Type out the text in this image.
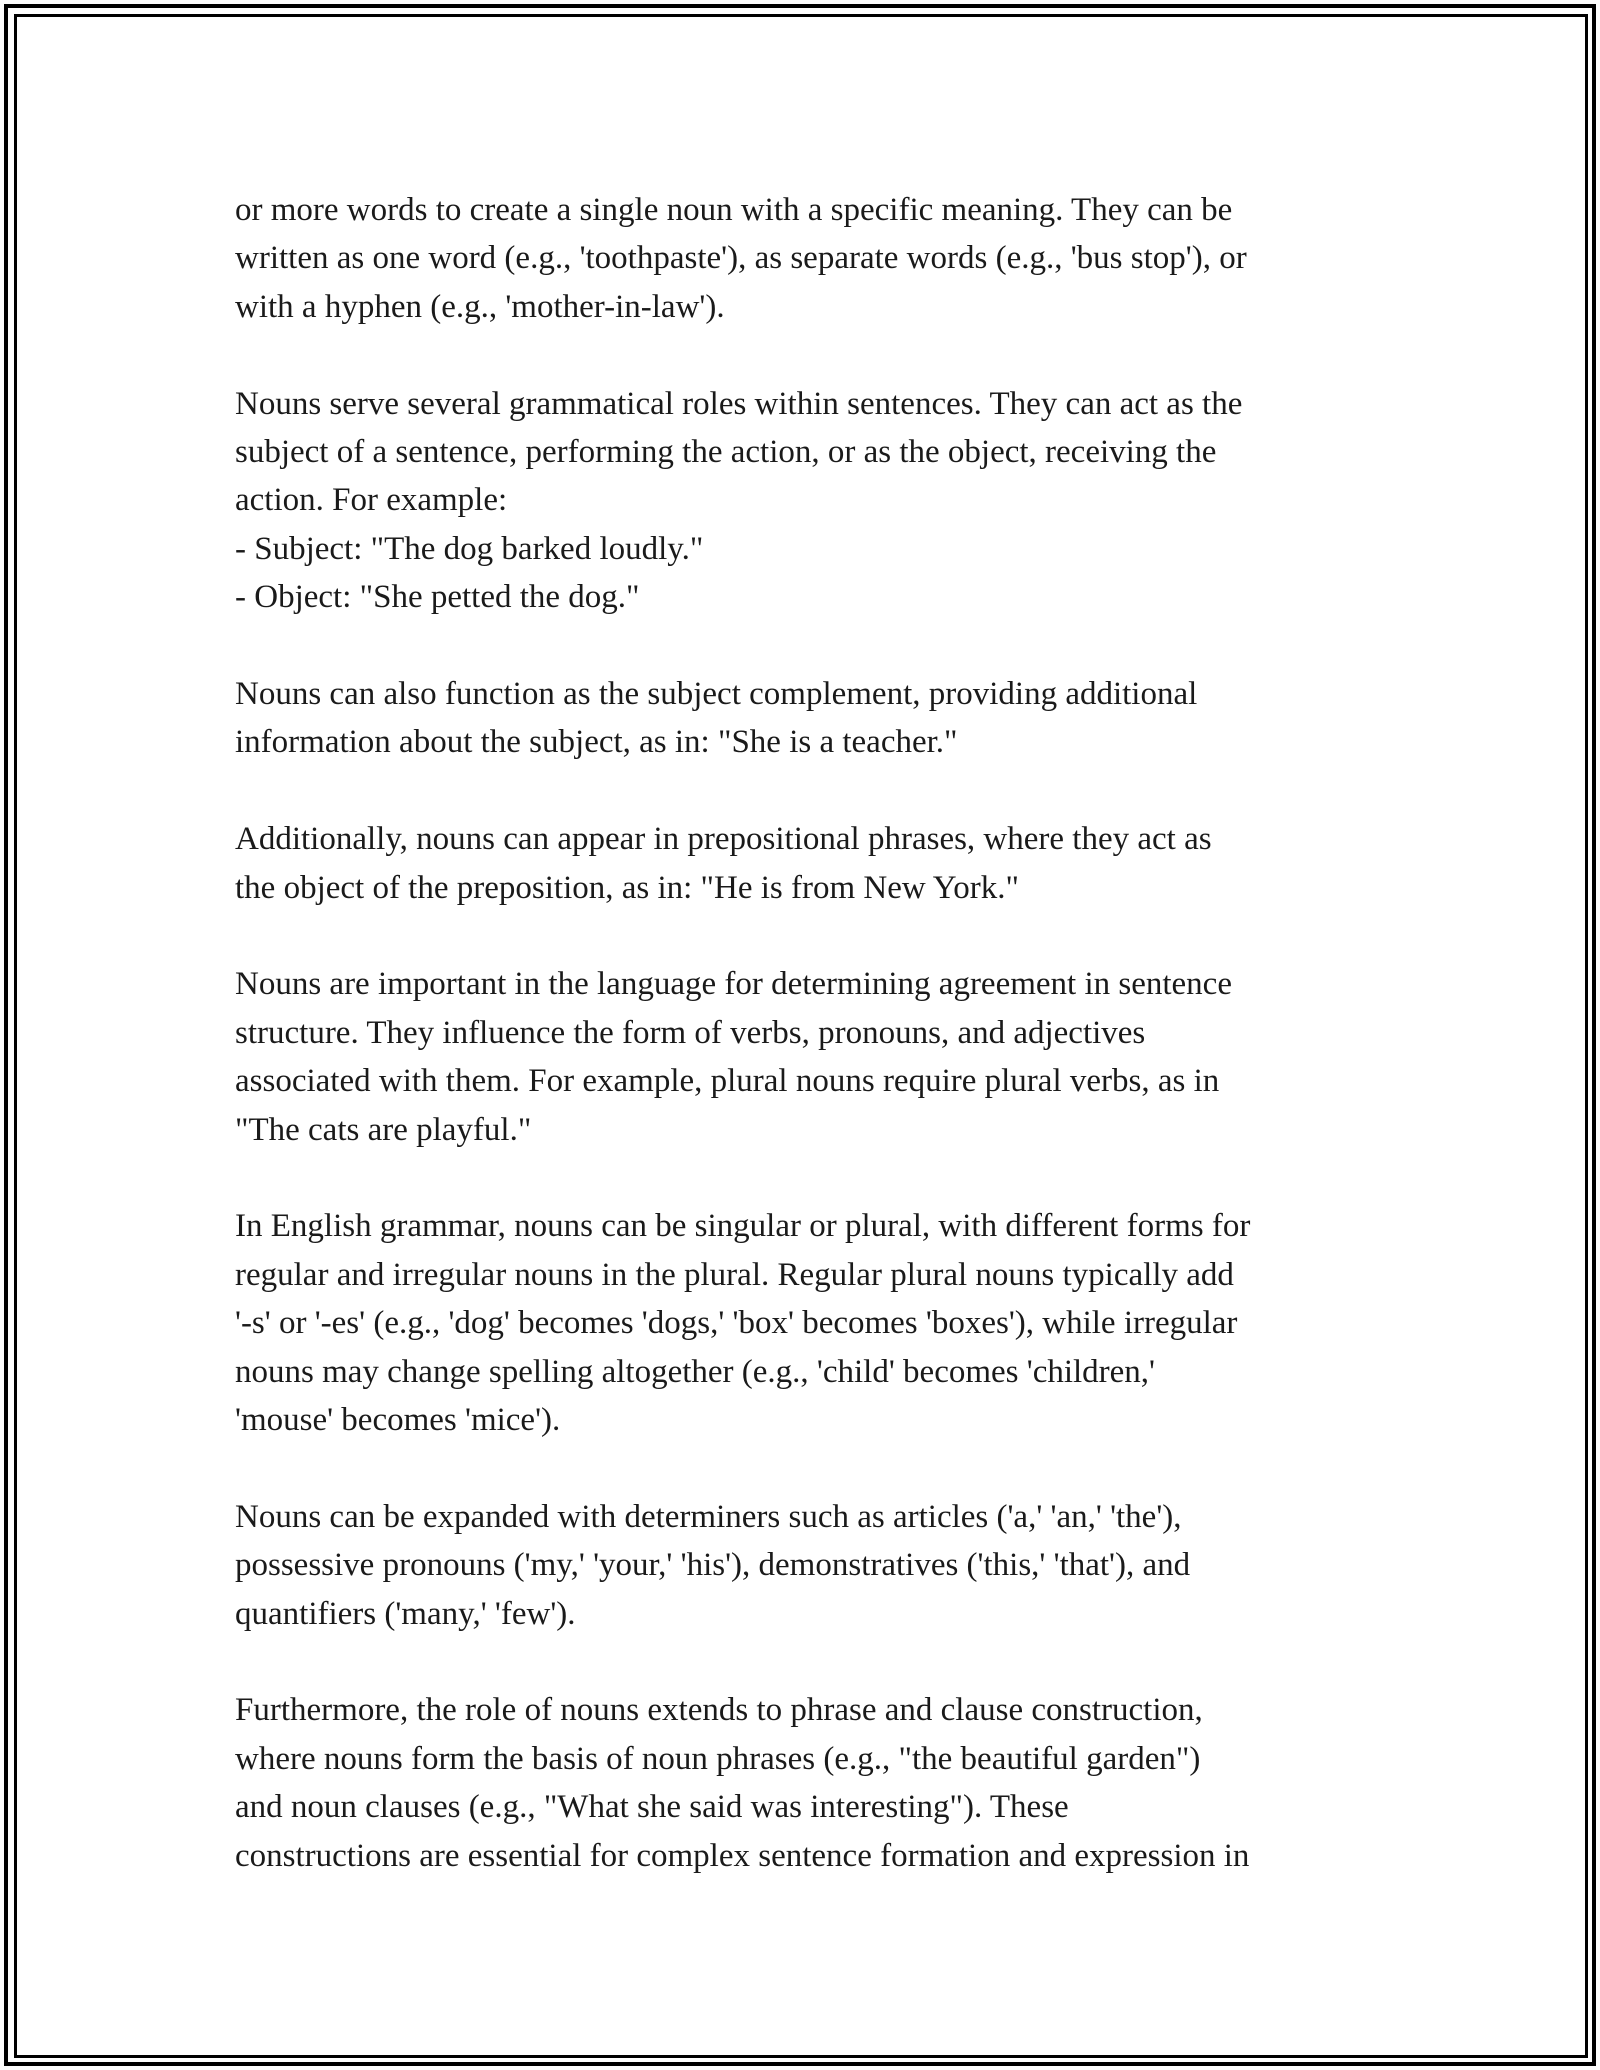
or more words to create a single noun with a specific meaning. They can be
written as one word (e.g., 'toothpaste'), as separate words (e.g., 'bus stop'), or
with a hyphen (e.g., 'mother-in-law').

Nouns serve several grammatical roles within sentences. They can act as the
subject of a sentence, performing the action, or as the object, receiving the
action. For example:
- Subject: "The dog barked loudly."
- Object: "She petted the dog."

Nouns can also function as the subject complement, providing additional
information about the subject, as in: "She is a teacher."

Additionally, nouns can appear in prepositional phrases, where they act as
the object of the preposition, as in: "He is from New York."

Nouns are important in the language for determining agreement in sentence
structure. They influence the form of verbs, pronouns, and adjectives
associated with them. For example, plural nouns require plural verbs, as in
"The cats are playful."

In English grammar, nouns can be singular or plural, with different forms for
regular and irregular nouns in the plural. Regular plural nouns typically add
'-s' or '-es' (e.g., 'dog' becomes 'dogs,' 'box' becomes 'boxes'), while irregular
nouns may change spelling altogether (e.g., 'child' becomes 'children,'
'mouse' becomes 'mice').

Nouns can be expanded with determiners such as articles ('a,' 'an,' 'the'),
possessive pronouns ('my,' 'your,' 'his'), demonstratives ('this,' 'that'), and
quantifiers ('many,' 'few').

Furthermore, the role of nouns extends to phrase and clause construction,
where nouns form the basis of noun phrases (e.g., "the beautiful garden")
and noun clauses (e.g., "What she said was interesting"). These
constructions are essential for complex sentence formation and expression in
